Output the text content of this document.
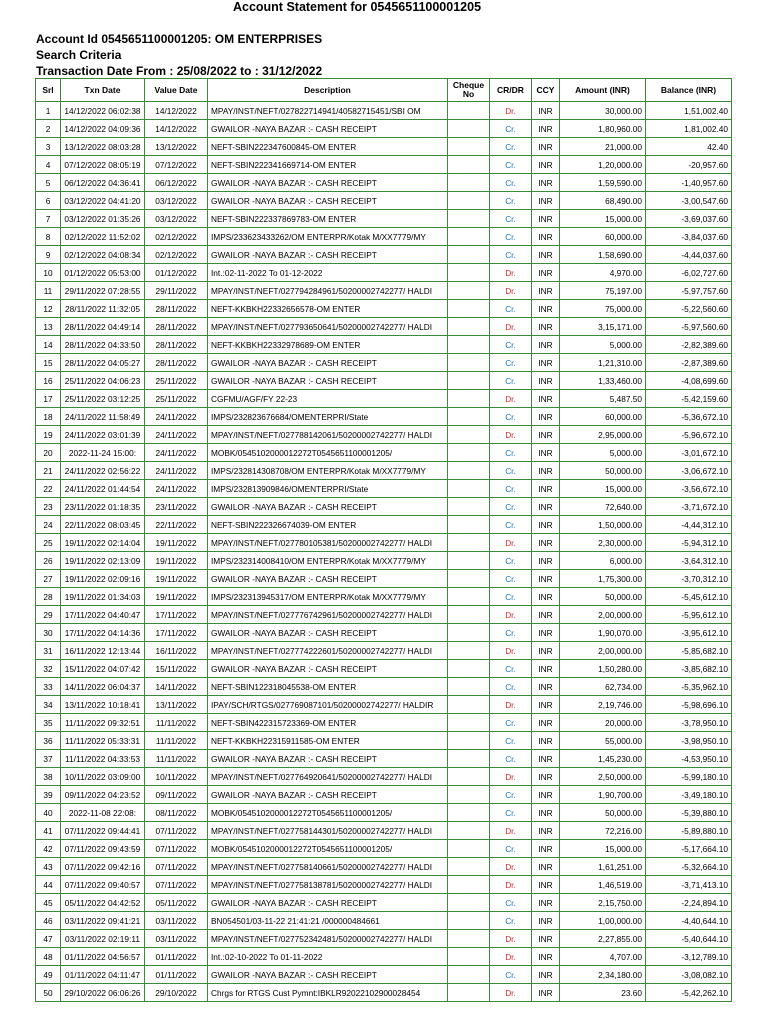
Account Statement for 0545651100001205
Account Id 0545651100001205: OM ENTERPRISES
Search Criteria
Transaction Date From : 25/08/2022 to : 31/12/2022
Srl	Txn Date	Value Date	Description	Cheque No	CR/DR	CCY	Amount (INR)	Balance (INR)
1	14/12/2022 06:02:38	14/12/2022	MPAY/INST/NEFT/027822714941/40582715451/SBI OM		Dr.	INR	30,000.00	1,51,002.40
2	14/12/2022 04:09:36	14/12/2022	GWAILOR -NAYA BAZAR :- CASH RECEIPT		Cr.	INR	1,80,960.00	1,81,002.40
3	13/12/2022 08:03:28	13/12/2022	NEFT-SBIN222347600845-OM ENTER		Cr.	INR	21,000.00	42.40
4	07/12/2022 08:05:19	07/12/2022	NEFT-SBIN222341669714-OM ENTER		Cr.	INR	1,20,000.00	-20,957.60
5	06/12/2022 04:36:41	06/12/2022	GWAILOR -NAYA BAZAR :- CASH RECEIPT		Cr.	INR	1,59,590.00	-1,40,957.60
6	03/12/2022 04:41:20	03/12/2022	GWAILOR -NAYA BAZAR :- CASH RECEIPT		Cr.	INR	68,490.00	-3,00,547.60
7	03/12/2022 01:35:26	03/12/2022	NEFT-SBIN222337869783-OM ENTER		Cr.	INR	15,000.00	-3,69,037.60
8	02/12/2022 11:52:02	02/12/2022	IMPS/233623433262/OM ENTERPR/Kotak M/XX7779/MY		Cr.	INR	60,000.00	-3,84,037.60
9	02/12/2022 04:08:34	02/12/2022	GWAILOR -NAYA BAZAR :- CASH RECEIPT		Cr.	INR	1,58,690.00	-4,44,037.60
10	01/12/2022 05:53:00	01/12/2022	Int.:02-11-2022 To 01-12-2022		Dr.	INR	4,970.00	-6,02,727.60
11	29/11/2022 07:28:55	29/11/2022	MPAY/INST/NEFT/027794284961/50200002742277/ HALDI		Dr.	INR	75,197.00	-5,97,757.60
12	28/11/2022 11:32:05	28/11/2022	NEFT-KKBKH22332656578-OM ENTER		Cr.	INR	75,000.00	-5,22,560.60
13	28/11/2022 04:49:14	28/11/2022	MPAY/INST/NEFT/027793650641/50200002742277/ HALDI		Dr.	INR	3,15,171.00	-5,97,560.60
14	28/11/2022 04:33:50	28/11/2022	NEFT-KKBKH22332978689-OM ENTER		Cr.	INR	5,000.00	-2,82,389.60
15	28/11/2022 04:05:27	28/11/2022	GWAILOR -NAYA BAZAR :- CASH RECEIPT		Cr.	INR	1,21,310.00	-2,87,389.60
16	25/11/2022 04:06:23	25/11/2022	GWAILOR -NAYA BAZAR :- CASH RECEIPT		Cr.	INR	1,33,460.00	-4,08,699.60
17	25/11/2022 03:12:25	25/11/2022	CGFMU/AGF/FY 22-23		Dr.	INR	5,487.50	-5,42,159.60
18	24/11/2022 11:58:49	24/11/2022	IMPS/232823676684/OMENTERPRI/State		Cr.	INR	60,000.00	-5,36,672.10
19	24/11/2022 03:01:39	24/11/2022	MPAY/INST/NEFT/027788142061/50200002742277/ HALDI		Dr.	INR	2,95,000.00	-5,96,672.10
20	2022-11-24 15:00:	24/11/2022	MOBK/0545102000012272T0545651100001205/		Cr.	INR	5,000.00	-3,01,672.10
21	24/11/2022 02:56:22	24/11/2022	IMPS/232814308708/OM ENTERPR/Kotak M/XX7779/MY		Cr.	INR	50,000.00	-3,06,672.10
22	24/11/2022 01:44:54	24/11/2022	IMPS/232813909846/OMENTERPRI/State		Cr.	INR	15,000.00	-3,56,672.10
23	23/11/2022 01:18:35	23/11/2022	GWAILOR -NAYA BAZAR :- CASH RECEIPT		Cr.	INR	72,640.00	-3,71,672.10
24	22/11/2022 08:03:45	22/11/2022	NEFT-SBIN222326674039-OM ENTER		Cr.	INR	1,50,000.00	-4,44,312.10
25	19/11/2022 02:14:04	19/11/2022	MPAY/INST/NEFT/027780105381/50200002742277/ HALDI		Dr.	INR	2,30,000.00	-5,94,312.10
26	19/11/2022 02:13:09	19/11/2022	IMPS/232314008410/OM ENTERPR/Kotak M/XX7779/MY		Cr.	INR	6,000.00	-3,64,312.10
27	19/11/2022 02:09:16	19/11/2022	GWAILOR -NAYA BAZAR :- CASH RECEIPT		Cr.	INR	1,75,300.00	-3,70,312.10
28	19/11/2022 01:34:03	19/11/2022	IMPS/232313945317/OM ENTERPR/Kotak M/XX7779/MY		Cr.	INR	50,000.00	-5,45,612.10
29	17/11/2022 04:40:47	17/11/2022	MPAY/INST/NEFT/027776742961/50200002742277/ HALDI		Dr.	INR	2,00,000.00	-5,95,612.10
30	17/11/2022 04:14:36	17/11/2022	GWAILOR -NAYA BAZAR :- CASH RECEIPT		Cr.	INR	1,90,070.00	-3,95,612.10
31	16/11/2022 12:13:44	16/11/2022	MPAY/INST/NEFT/027774222601/50200002742277/ HALDI		Dr.	INR	2,00,000.00	-5,85,682.10
32	15/11/2022 04:07:42	15/11/2022	GWAILOR -NAYA BAZAR :- CASH RECEIPT		Cr.	INR	1,50,280.00	-3,85,682.10
33	14/11/2022 06:04:37	14/11/2022	NEFT-SBIN122318045538-OM ENTER		Cr.	INR	62,734.00	-5,35,962.10
34	13/11/2022 10:18:41	13/11/2022	IPAY/SCH/RTGS/027769087101/50200002742277/ HALDIR		Dr.	INR	2,19,746.00	-5,98,696.10
35	11/11/2022 09:32:51	11/11/2022	NEFT-SBIN422315723369-OM ENTER		Cr.	INR	20,000.00	-3,78,950.10
36	11/11/2022 05:33:31	11/11/2022	NEFT-KKBKH22315911585-OM ENTER		Cr.	INR	55,000.00	-3,98,950.10
37	11/11/2022 04:33:53	11/11/2022	GWAILOR -NAYA BAZAR :- CASH RECEIPT		Cr.	INR	1,45,230.00	-4,53,950.10
38	10/11/2022 03:09:00	10/11/2022	MPAY/INST/NEFT/027764920641/50200002742277/ HALDI		Dr.	INR	2,50,000.00	-5,99,180.10
39	09/11/2022 04:23:52	09/11/2022	GWAILOR -NAYA BAZAR :- CASH RECEIPT		Cr.	INR	1,90,700.00	-3,49,180.10
40	2022-11-08 22:08:	08/11/2022	MOBK/0545102000012272T0545651100001205/		Cr.	INR	50,000.00	-5,39,880.10
41	07/11/2022 09:44:41	07/11/2022	MPAY/INST/NEFT/027758144301/50200002742277/ HALDI		Dr.	INR	72,216.00	-5,89,880.10
42	07/11/2022 09:43:59	07/11/2022	MOBK/0545102000012272T0545651100001205/		Cr.	INR	15,000.00	-5,17,664.10
43	07/11/2022 09:42:16	07/11/2022	MPAY/INST/NEFT/027758140661/50200002742277/ HALDI		Dr.	INR	1,61,251.00	-5,32,664.10
44	07/11/2022 09:40:57	07/11/2022	MPAY/INST/NEFT/027758138781/50200002742277/ HALDI		Dr.	INR	1,46,519.00	-3,71,413.10
45	05/11/2022 04:42:52	05/11/2022	GWAILOR -NAYA BAZAR :- CASH RECEIPT		Cr.	INR	2,15,750.00	-2,24,894.10
46	03/11/2022 09:41:21	03/11/2022	BN054501/03-11-22 21:41:21 /000000484661		Cr.	INR	1,00,000.00	-4,40,644.10
47	03/11/2022 02:19:11	03/11/2022	MPAY/INST/NEFT/027752342481/50200002742277/ HALDI		Dr.	INR	2,27,855.00	-5,40,644.10
48	01/11/2022 04:56:57	01/11/2022	Int.:02-10-2022 To 01-11-2022		Dr.	INR	4,707.00	-3,12,789.10
49	01/11/2022 04:11:47	01/11/2022	GWAILOR -NAYA BAZAR :- CASH RECEIPT		Cr.	INR	2,34,180.00	-3,08,082.10
50	29/10/2022 06:06:26	29/10/2022	Chrgs for RTGS Cust Pymnt:IBKLR92022102900028454		Dr.	INR	23.60	-5,42,262.10
